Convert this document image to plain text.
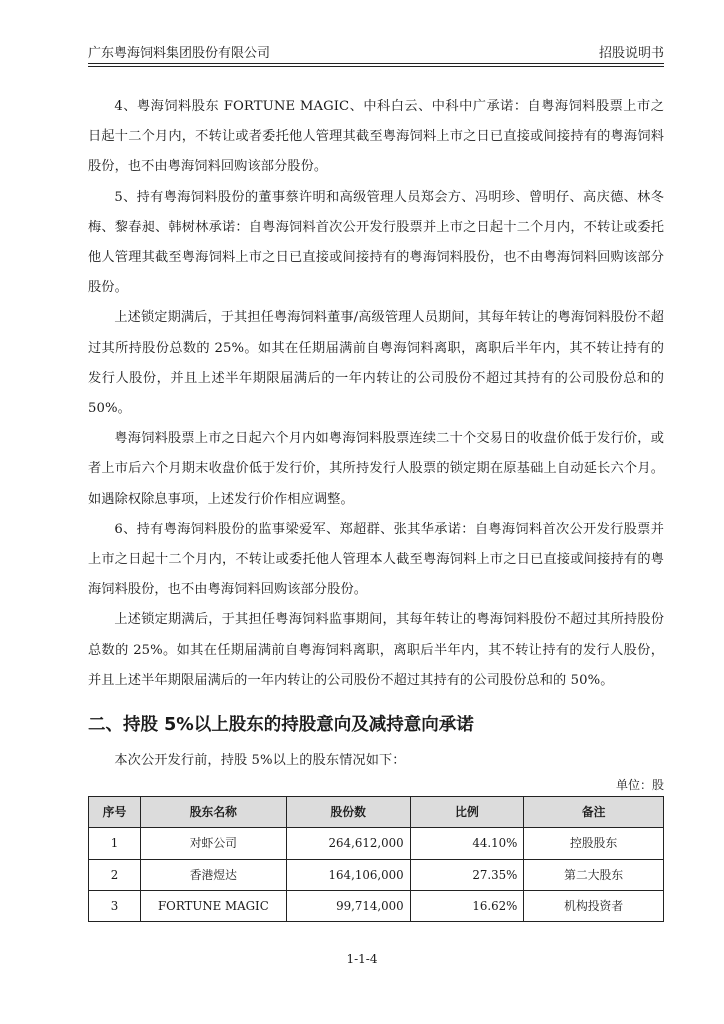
广东粤海饲料集团股份有限公司	招股说明书

4、粤海饲料股东 FORTUNE MAGIC、中科白云、中科中广承诺：自粤海饲料股票上市之日起十二个月内，不转让或者委托他人管理其截至粤海饲料上市之日已直接或间接持有的粤海饲料股份，也不由粤海饲料回购该部分股份。

5、持有粤海饲料股份的董事蔡许明和高级管理人员郑会方、冯明珍、曾明仔、高庆德、林冬梅、黎春昶、韩树林承诺：自粤海饲料首次公开发行股票并上市之日起十二个月内，不转让或委托他人管理其截至粤海饲料上市之日已直接或间接持有的粤海饲料股份，也不由粤海饲料回购该部分股份。

上述锁定期满后，于其担任粤海饲料董事/高级管理人员期间，其每年转让的粤海饲料股份不超过其所持股份总数的 25%。如其在任期届满前自粤海饲料离职，离职后半年内，其不转让持有的发行人股份，并且上述半年期限届满后的一年内转让的公司股份不超过其持有的公司股份总和的 50%。

粤海饲料股票上市之日起六个月内如粤海饲料股票连续二十个交易日的收盘价低于发行价，或者上市后六个月期末收盘价低于发行价，其所持发行人股票的锁定期在原基础上自动延长六个月。如遇除权除息事项，上述发行价作相应调整。

6、持有粤海饲料股份的监事梁爱军、郑超群、张其华承诺：自粤海饲料首次公开发行股票并上市之日起十二个月内，不转让或委托他人管理本人截至粤海饲料上市之日已直接或间接持有的粤海饲料股份，也不由粤海饲料回购该部分股份。

上述锁定期满后，于其担任粤海饲料监事期间，其每年转让的粤海饲料股份不超过其所持股份总数的 25%。如其在任期届满前自粤海饲料离职，离职后半年内，其不转让持有的发行人股份，并且上述半年期限届满后的一年内转让的公司股份不超过其持有的公司股份总和的 50%。

二、持股 5%以上股东的持股意向及减持意向承诺

本次公开发行前，持股 5%以上的股东情况如下：

单位：股
序号	股东名称	股份数	比例	备注
1	对虾公司	264,612,000	44.10%	控股股东
2	香港煜达	164,106,000	27.35%	第二大股东
3	FORTUNE MAGIC	99,714,000	16.62%	机构投资者
1-1-4
